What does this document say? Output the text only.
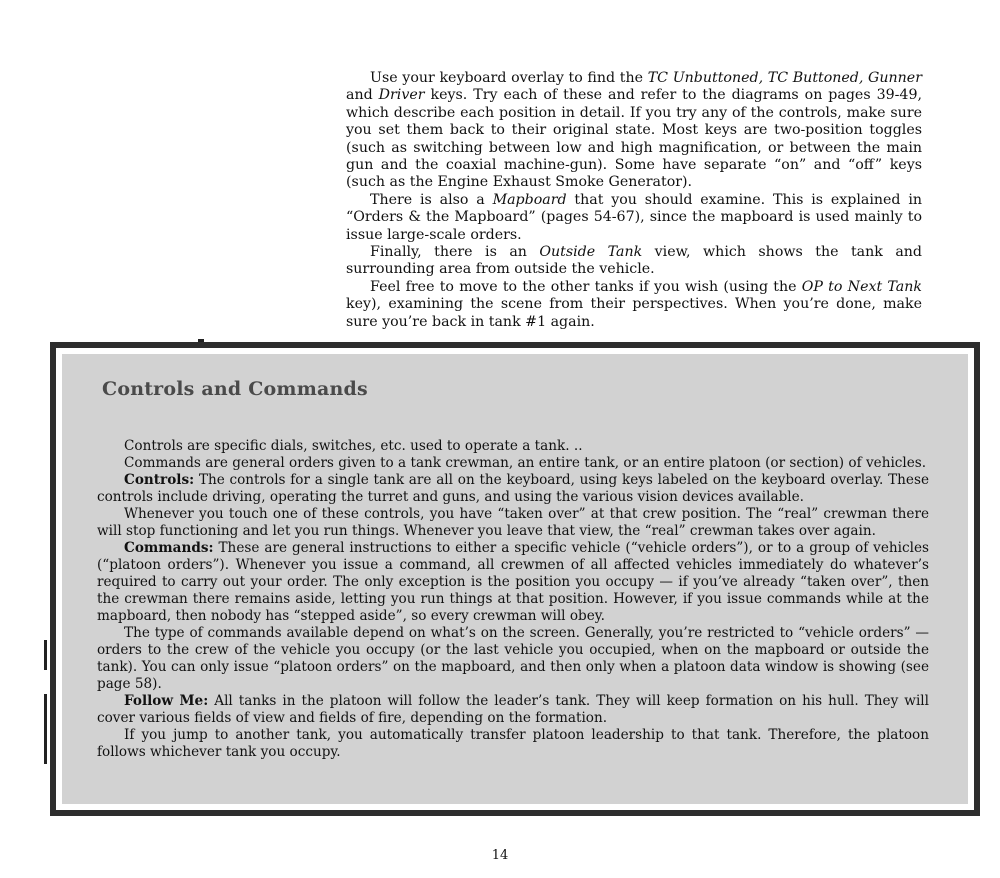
Use your keyboard overlay to find the TC Unbuttoned, TC Buttoned, Gunner and Driver keys. Try each of these and refer to the diagrams on pages 39-49, which describe each position in detail. If you try any of the controls, make sure you set them back to their original state. Most keys are two-position toggles (such as switching between low and high magnification, or between the main gun and the coaxial machine-gun). Some have separate “on” and “off” keys (such as the Engine Exhaust Smoke Generator).

There is also a Mapboard that you should examine. This is explained in “Orders & the Mapboard” (pages 54-67), since the mapboard is used mainly to issue large-scale orders.

Finally, there is an Outside Tank view, which shows the tank and surrounding area from outside the vehicle.

Feel free to move to the other tanks if you wish (using the OP to Next Tank key), examining the scene from their perspectives. When you’re done, make sure you’re back in tank #1 again.

Controls and Commands

Controls are specific dials, switches, etc. used to operate a tank. ..

Commands are general orders given to a tank crewman, an entire tank, or an entire platoon (or section) of vehicles.

Controls: The controls for a single tank are all on the keyboard, using keys labeled on the keyboard overlay. These controls include driving, operating the turret and guns, and using the various vision devices available.

Whenever you touch one of these controls, you have “taken over” at that crew position. The “real” crewman there will stop functioning and let you run things. Whenever you leave that view, the “real” crewman takes over again.

Commands: These are general instructions to either a specific vehicle (“vehicle orders”), or to a group of vehicles (“platoon orders”). Whenever you issue a command, all crewmen of all affected vehicles immediately do whatever’s required to carry out your order. The only exception is the position you occupy — if you’ve already “taken over”, then the crewman there remains aside, letting you run things at that position. However, if you issue commands while at the mapboard, then nobody has “stepped aside”, so every crewman will obey.

The type of commands available depend on what’s on the screen. Generally, you’re restricted to “vehicle orders” — orders to the crew of the vehicle you occupy (or the last vehicle you occupied, when on the mapboard or outside the tank). You can only issue “platoon orders” on the mapboard, and then only when a platoon data window is showing (see page 58).

Follow Me: All tanks in the platoon will follow the leader’s tank. They will keep formation on his hull. They will cover various fields of view and fields of fire, depending on the formation.

If you jump to another tank, you automatically transfer platoon leadership to that tank. Therefore, the platoon follows whichever tank you occupy.

14
